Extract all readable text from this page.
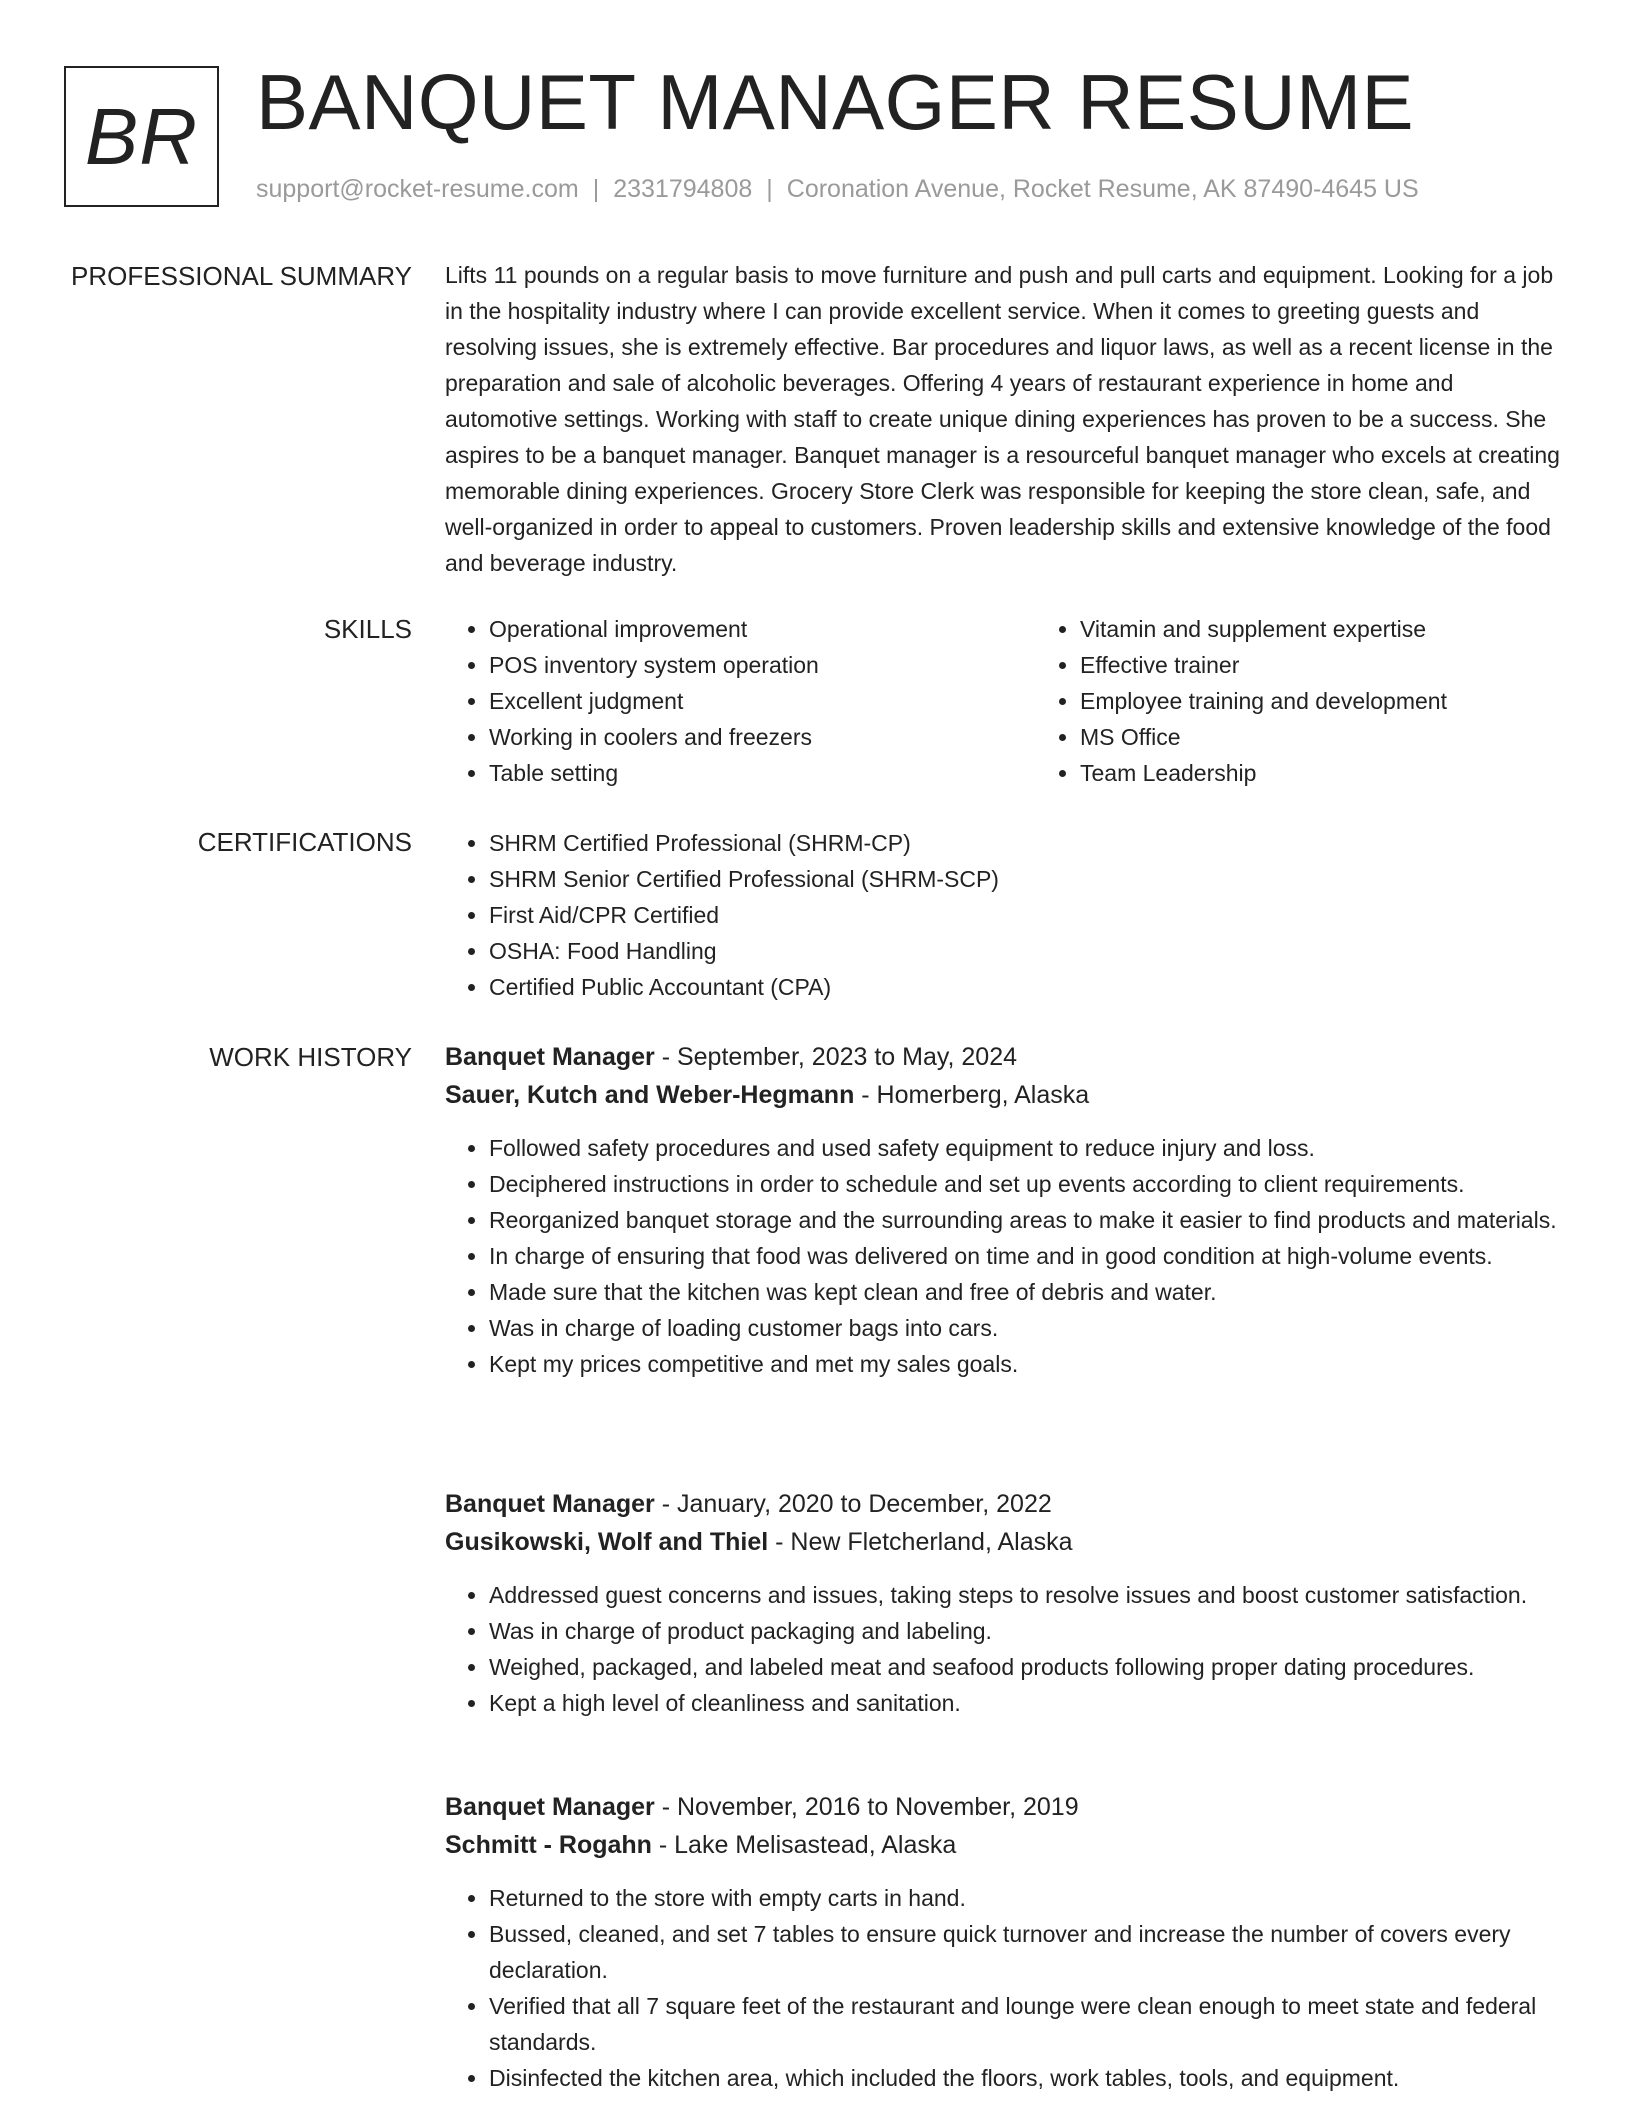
BR BANQUET MANAGER RESUME
support@rocket-resume.com | 2331794808 | Coronation Avenue, Rocket Resume, AK 87490-4645 US
PROFESSIONAL SUMMARY Lifts 11 pounds on a regular basis to move furniture and push and pull carts and equipment. Looking for a job in the hospitality industry where I can provide excellent service. When it comes to greeting guests and resolving issues, she is extremely effective. Bar procedures and liquor laws, as well as a recent license in the preparation and sale of alcoholic beverages. Offering 4 years of restaurant experience in home and automotive settings. Working with staff to create unique dining experiences has proven to be a success. She aspires to be a banquet manager. Banquet manager is a resourceful banquet manager who excels at creating memorable dining experiences. Grocery Store Clerk was responsible for keeping the store clean, safe, and well-organized in order to appeal to customers. Proven leadership skills and extensive knowledge of the food and beverage industry.

SKILLS	• Operational improvement
• POS inventory system operation
• Excellent judgment
• Working in coolers and freezers
• Table setting
• Vitamin and supplement expertise
• Effective trainer
• Employee training and development
• MS Office
• Team Leadership
CERTIFICATIONS	• SHRM Certified Professional (SHRM-CP)
• SHRM Senior Certified Professional (SHRM-SCP)
• First Aid/CPR Certified
• OSHA: Food Handling
• Certified Public Accountant (CPA)
WORK HISTORY Banquet Manager - September, 2023 to May, 2024
Sauer, Kutch and Weber-Hegmann - Homerberg, Alaska
• Followed safety procedures and used safety equipment to reduce injury and loss.
• Deciphered instructions in order to schedule and set up events according to client requirements.
• Reorganized banquet storage and the surrounding areas to make it easier to find products and materials.
• In charge of ensuring that food was delivered on time and in good condition at high-volume events.
• Made sure that the kitchen was kept clean and free of debris and water.
• Was in charge of loading customer bags into cars.
• Kept my prices competitive and met my sales goals.
Banquet Manager - January, 2020 to December, 2022
Gusikowski, Wolf and Thiel - New Fletcherland, Alaska
• Addressed guest concerns and issues, taking steps to resolve issues and boost customer satisfaction.
• Was in charge of product packaging and labeling.
• Weighed, packaged, and labeled meat and seafood products following proper dating procedures.
• Kept a high level of cleanliness and sanitation.
Banquet Manager - November, 2016 to November, 2019
Schmitt - Rogahn - Lake Melisastead, Alaska
• Returned to the store with empty carts in hand.
• Bussed, cleaned, and set 7 tables to ensure quick turnover and increase the number of covers every declaration.
• Verified that all 7 square feet of the restaurant and lounge were clean enough to meet state and federal standards.
• Disinfected the kitchen area, which included the floors, work tables, tools, and equipment.
